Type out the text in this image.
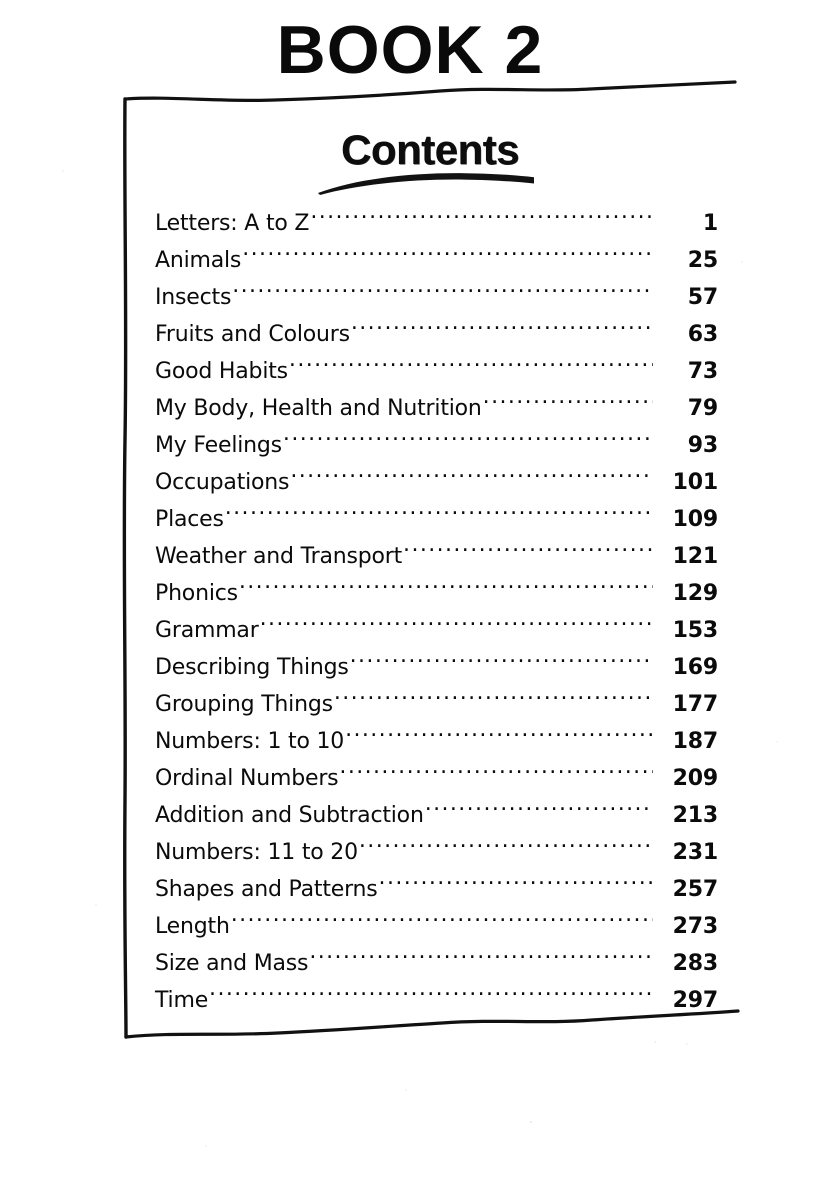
BOOK 2
Contents
Letters: A to Z .....	1
Animals .....	25
Insects .....	57
Fruits and Colours .....	63
Good Habits .....	73
My Body, Health and Nutrition .....	79
My Feelings .....	93
Occupations .....	101
Places .....	109
Weather and Transport .....	121
Phonics .....	129
Grammar .....	153
Describing Things .....	169
Grouping Things .....	177
Numbers: 1 to 10 .....	187
Ordinal Numbers .....	209
Addition and Subtraction .....	213
Numbers: 11 to 20 .....	231
Shapes and Patterns .....	257
Length .....	273
Size and Mass .....	283
Time .....	297
